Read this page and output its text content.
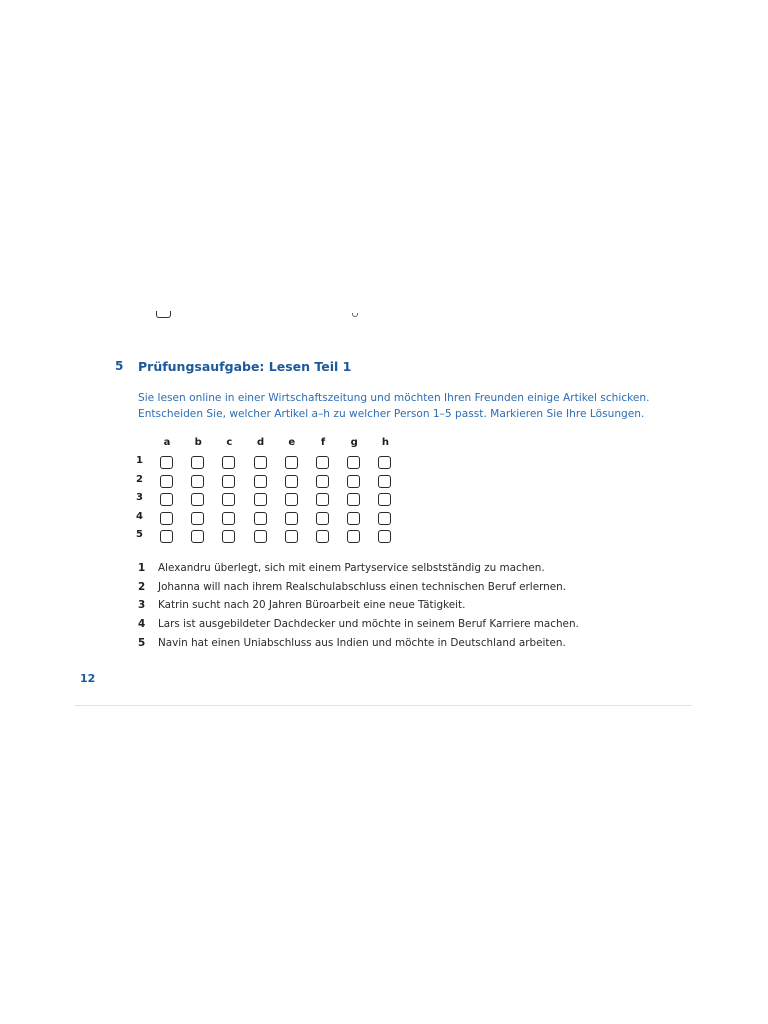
5 Prüfungsaufgabe: Lesen Teil 1
Sie lesen online in einer Wirtschaftszeitung und möchten Ihren Freunden einige Artikel schicken.
Entscheiden Sie, welcher Artikel a–h zu welcher Person 1–5 passt. Markieren Sie Ihre Lösungen.
a	b	c	d	e	f	g	h
1
2
3
4
5
1 Alexandru überlegt, sich mit einem Partyservice selbstständig zu machen.
2 Johanna will nach ihrem Realschulabschluss einen technischen Beruf erlernen.
3 Katrin sucht nach 20 Jahren Büroarbeit eine neue Tätigkeit.
4 Lars ist ausgebildeter Dachdecker und möchte in seinem Beruf Karriere machen.
5 Navin hat einen Uniabschluss aus Indien und möchte in Deutschland arbeiten.
12
